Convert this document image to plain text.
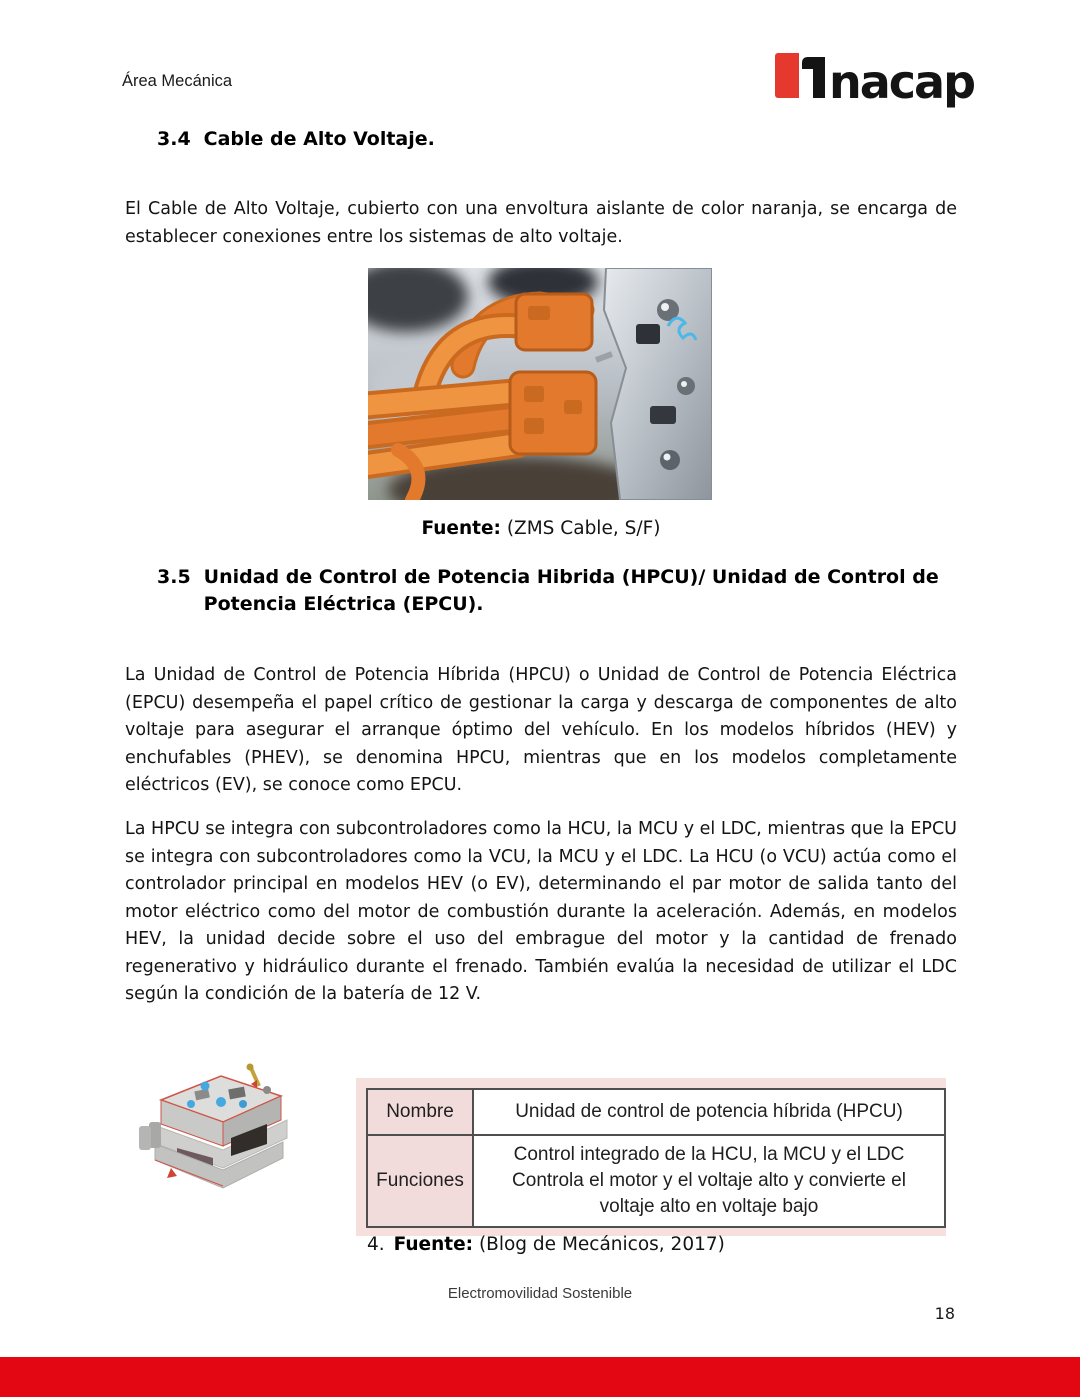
Área Mecánica	nacap
3.4 Cable de Alto Voltaje.
El Cable de Alto Voltaje, cubierto con una envoltura aislante de color naranja, se encarga de establecer conexiones entre los sistemas de alto voltaje.
Fuente: (ZMS Cable, S/F)
3.5 Unidad de Control de Potencia Hibrida (HPCU)/ Unidad de Control de Potencia Eléctrica (EPCU).
La Unidad de Control de Potencia Híbrida (HPCU) o Unidad de Control de Potencia Eléctrica (EPCU) desempeña el papel crítico de gestionar la carga y descarga de componentes de alto voltaje para asegurar el arranque óptimo del vehículo. En los modelos híbridos (HEV) y enchufables (PHEV), se denomina HPCU, mientras que en los modelos completamente eléctricos (EV), se conoce como EPCU.
La HPCU se integra con subcontroladores como la HCU, la MCU y el LDC, mientras que la EPCU se integra con subcontroladores como la VCU, la MCU y el LDC. La HCU (o VCU) actúa como el controlador principal en modelos HEV (o EV), determinando el par motor de salida tanto del motor eléctrico como del motor de combustión durante la aceleración. Además, en modelos HEV, la unidad decide sobre el uso del embrague del motor y la cantidad de frenado regenerativo y hidráulico durante el frenado. También evalúa la necesidad de utilizar el LDC según la condición de la batería de 12 V.
Nombre	Unidad de control de potencia híbrida (HPCU)
Funciones	Control integrado de la HCU, la MCU y el LDC Controla el motor y el voltaje alto y convierte el voltaje alto en voltaje bajo
4. Fuente: (Blog de Mecánicos, 2017)
Electromovilidad Sostenible
18
